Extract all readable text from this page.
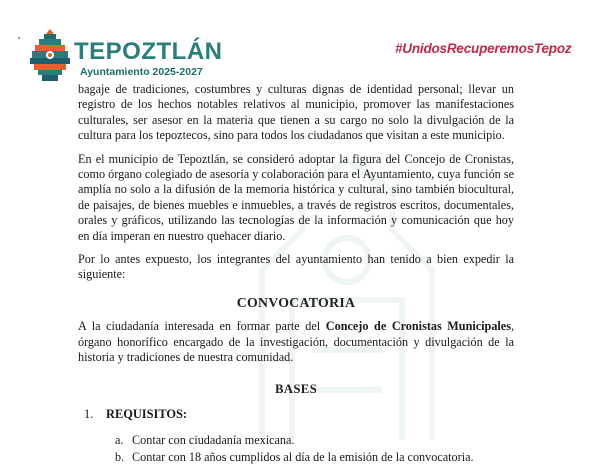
TEPOZTLÁN
Ayuntamiento 2025-2027
#UnidosRecuperemosTepoz

bagaje de tradiciones, costumbres y culturas dignas de identidad personal; llevar un registro de los hechos notables relativos al municipio, promover las manifestaciones culturales, ser asesor en la materia que tienen a su cargo no solo la divulgación de la cultura para los tepoztecos, sino para todos los ciudadanos que visitan a este municipio.

En el municipio de Tepoztlán, se consideró adoptar la figura del Concejo de Cronistas, como órgano colegiado de asesoría y colaboración para el Ayuntamiento, cuya función se amplía no solo a la difusión de la memoria histórica y cultural, sino también biocultural, de paisajes, de bienes muebles e inmuebles, a través de registros escritos, documentales, orales y gráficos, utilizando las tecnologías de la información y comunicación que hoy en día imperan en nuestro quehacer diario.

Por lo antes expuesto, los integrantes del ayuntamiento han tenido a bien expedir la siguiente:

CONVOCATORIA

A la ciudadanía interesada en formar parte del Concejo de Cronistas Municipales, órgano honorífico encargado de la investigación, documentación y divulgación de la historia y tradiciones de nuestra comunidad.

BASES
1. REQUISITOS:
a. Contar con ciudadanía mexicana.
b. Contar con 18 años cumplidos al día de la emisión de la convocatoria.
